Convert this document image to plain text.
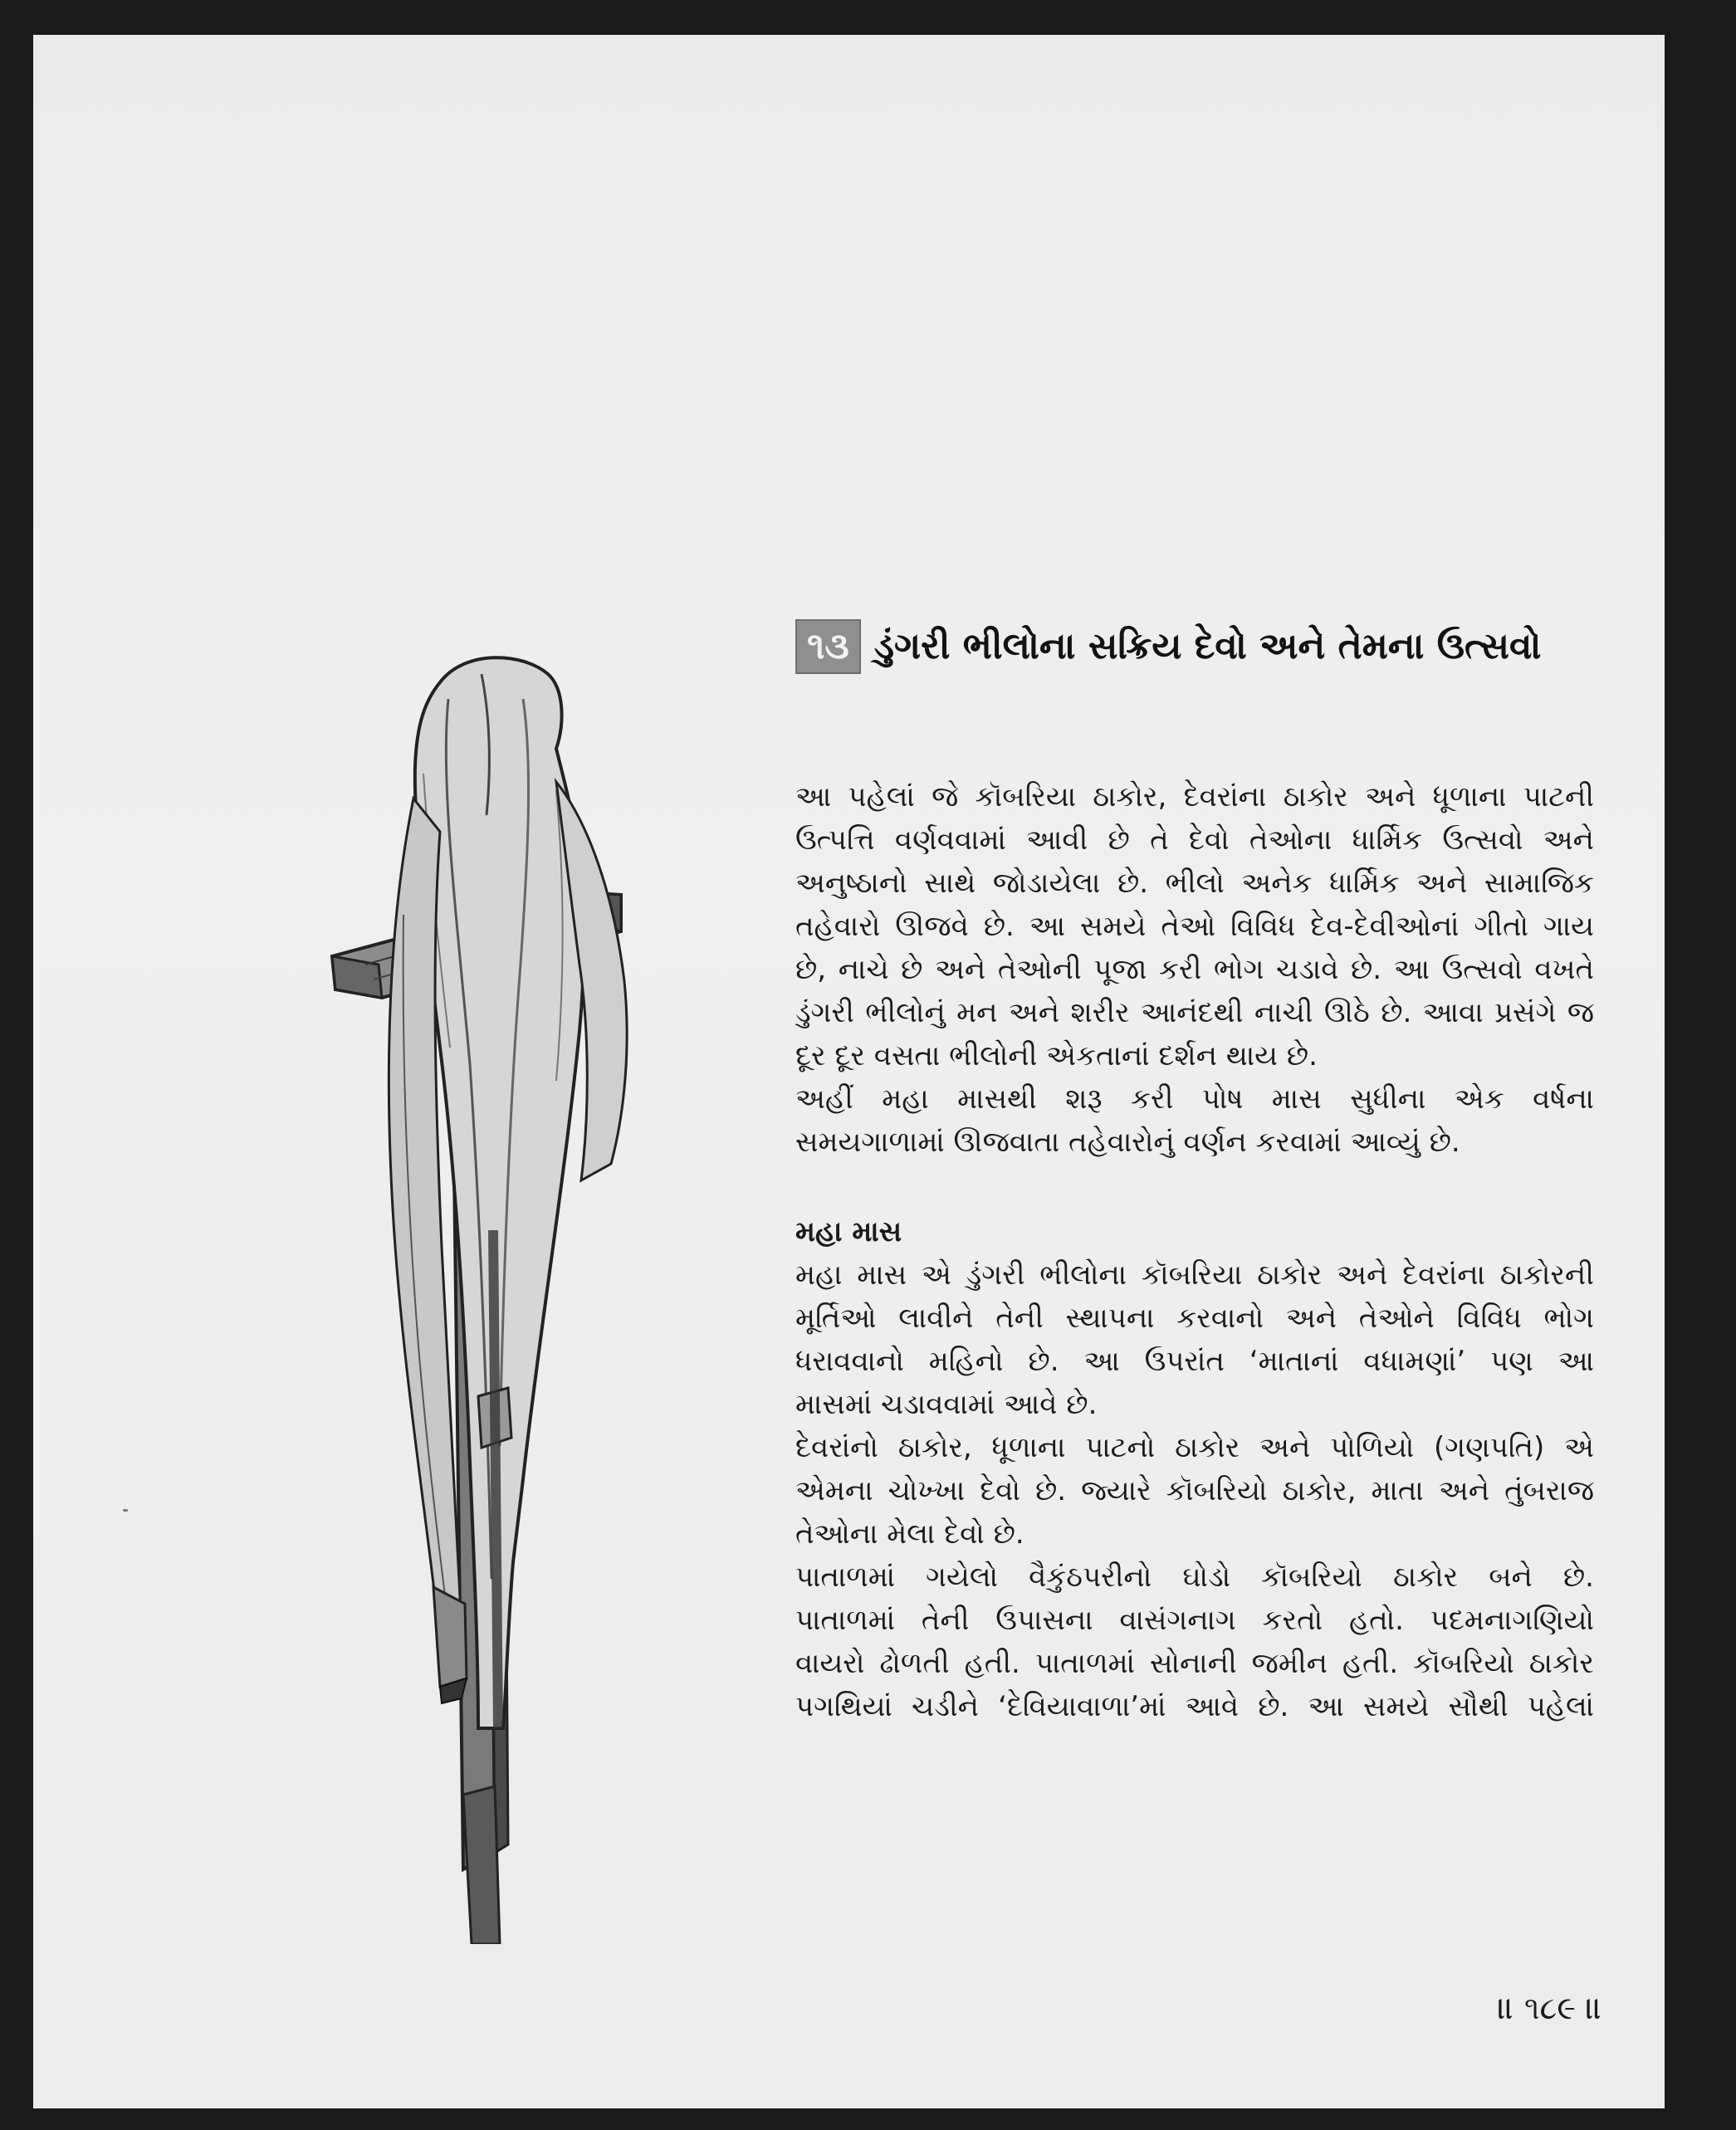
૧૩ ડુંગરી ભીલોના સક્રિય દેવો અને તેમના ઉત્સવો
આ પહેલાં જે કૉબરિયા ઠાકોર, દેવરાંના ઠાકોર અને ધૂળાના પાટની
ઉત્પત્તિ વર્ણવવામાં આવી છે તે દેવો તેઓના ધાર્મિક ઉત્સવો અને
અનુષ્ઠાનો સાથે જોડાયેલા છે. ભીલો અનેક ધાર્મિક અને સામાજિક
તહેવારો ઊજવે છે. આ સમયે તેઓ વિવિધ દેવ-દેવીઓનાં ગીતો ગાય
છે, નાચે છે અને તેઓની પૂજા કરી ભોગ ચડાવે છે. આ ઉત્સવો વખતે
ડુંગરી ભીલોનું મન અને શરીર આનંદથી નાચી ઊઠે છે. આવા પ્રસંગે જ
દૂર દૂર વસતા ભીલોની એકતાનાં દર્શન થાય છે.
અહીં મહા માસથી શરૂ કરી પોષ માસ સુધીના એક વર્ષના
સમયગાળામાં ઊજવાતા તહેવારોનું વર્ણન કરવામાં આવ્યું છે.
મહા માસ
મહા માસ એ ડુંગરી ભીલોના કૉબરિયા ઠાકોર અને દેવરાંના ઠાકોરની
મૂર્તિઓ લાવીને તેની સ્થાપના કરવાનો અને તેઓને વિવિધ ભોગ
ધરાવવાનો મહિનો છે. આ ઉપરાંત ‘માતાનાં વધામણાં’ પણ આ
માસમાં ચડાવવામાં આવે છે.
દેવરાંનો ઠાકોર, ધૂળાના પાટનો ઠાકોર અને પોળિયો (ગણપતિ) એ
એમના ચોખ્ખા દેવો છે. જ્યારે કૉબરિયો ઠાકોર, માતા અને તુંબરાજ
તેઓના મેલા દેવો છે.
પાતાળમાં ગયેલો વૈકુંઠપરીનો ઘોડો કૉબરિયો ઠાકોર બને છે.
પાતાળમાં તેની ઉપાસના વાસંગનાગ કરતો હતો. પદમનાગણિયો
વાયરો ઢોળતી હતી. પાતાળમાં સોનાની જમીન હતી. કૉબરિયો ઠાકોર
પગથિયાં ચડીને ‘દેવિયાવાળા’માં આવે છે. આ સમયે સૌથી પહેલાં
॥ ૧૮૯ ॥
